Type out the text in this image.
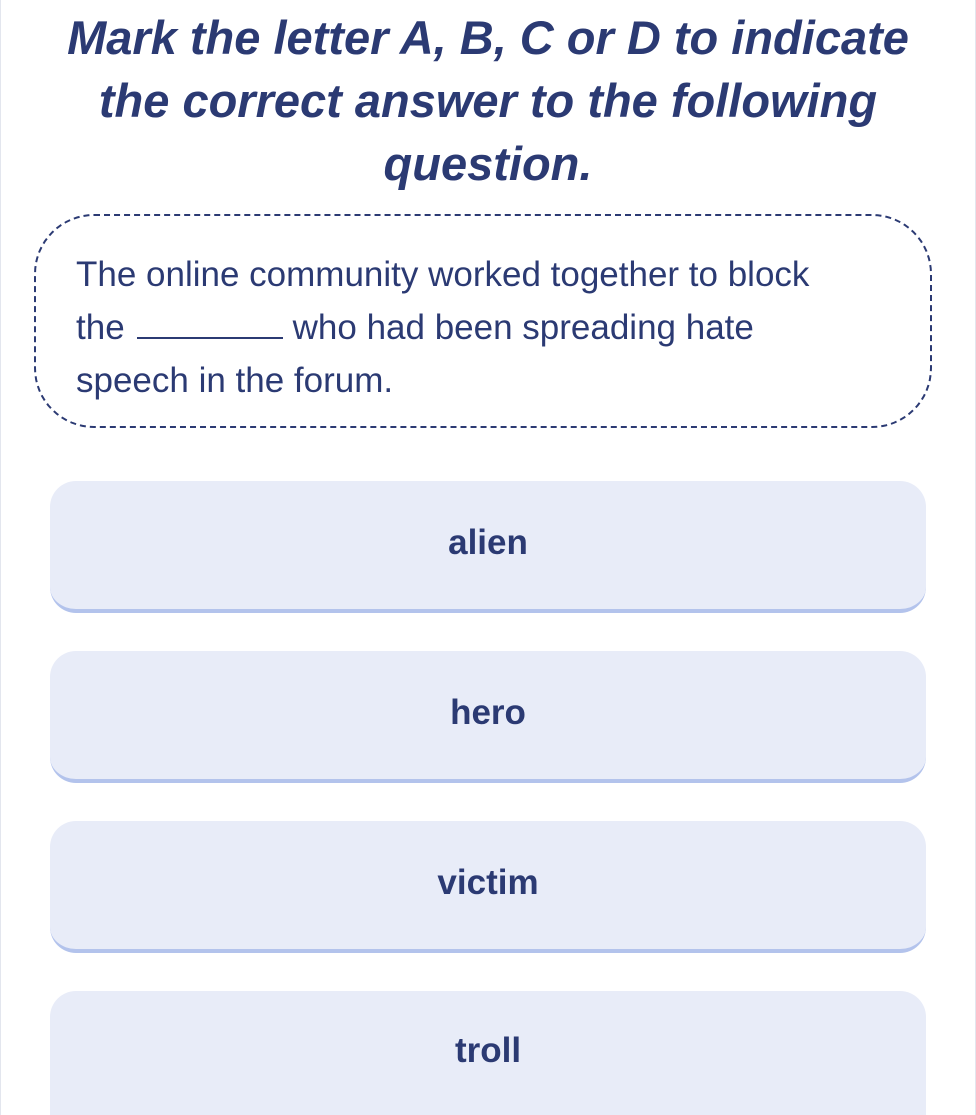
Mark the letter A, B, C or D to indicate the correct answer to the following question.

The online community worked together to block the	who had been spreading hate speech in the forum.

alien
hero
victim
troll
